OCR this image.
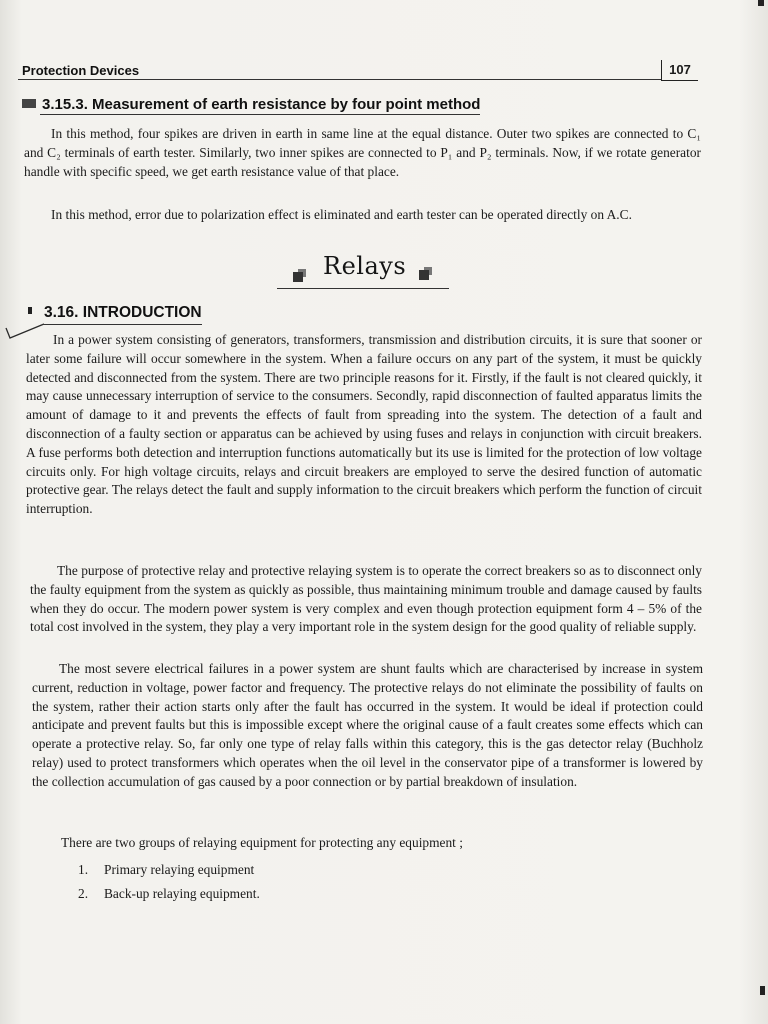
Protection Devices	107
3.15.3. Measurement of earth resistance by four point method

In this method, four spikes are driven in earth in same line at the equal distance. Outer two spikes are connected to C₁ and C₂ terminals of earth tester. Similarly, two inner spikes are connected to P₁ and P₂ terminals. Now, if we rotate generator handle with specific speed, we get earth resistance value of that place.

In this method, error due to polarization effect is eliminated and earth tester can be operated directly on A.C.

Relays
3.16. INTRODUCTION

In a power system consisting of generators, transformers, transmission and distribution circuits, it is sure that sooner or later some failure will occur somewhere in the system. When a failure occurs on any part of the system, it must be quickly detected and disconnected from the system. There are two principle reasons for it. Firstly, if the fault is not cleared quickly, it may cause unnecessary interruption of service to the consumers. Secondly, rapid disconnection of faulted apparatus limits the amount of damage to it and prevents the effects of fault from spreading into the system. The detection of a fault and disconnection of a faulty section or apparatus can be achieved by using fuses and relays in conjunction with circuit breakers. A fuse performs both detection and interruption functions automatically but its use is limited for the protection of low voltage circuits only. For high voltage circuits, relays and circuit breakers are employed to serve the desired function of automatic protective gear. The relays detect the fault and supply information to the circuit breakers which perform the function of circuit interruption.

The purpose of protective relay and protective relaying system is to operate the correct breakers so as to disconnect only the faulty equipment from the system as quickly as possible, thus maintaining minimum trouble and damage caused by faults when they do occur. The modern power system is very complex and even though protection equipment form 4 – 5% of the total cost involved in the system, they play a very important role in the system design for the good quality of reliable supply.

The most severe electrical failures in a power system are shunt faults which are characterised by increase in system current, reduction in voltage, power factor and frequency. The protective relays do not eliminate the possibility of faults on the system, rather their action starts only after the fault has occurred in the system. It would be ideal if protection could anticipate and prevent faults but this is impossible except where the original cause of a fault creates some effects which can operate a protective relay. So, far only one type of relay falls within this category, this is the gas detector relay (Buchholz relay) used to protect transformers which operates when the oil level in the conservator pipe of a transformer is lowered by the collection accumulation of gas caused by a poor connection or by partial breakdown of insulation.

There are two groups of relaying equipment for protecting any equipment ;

1. Primary relaying equipment
2. Back-up relaying equipment.
